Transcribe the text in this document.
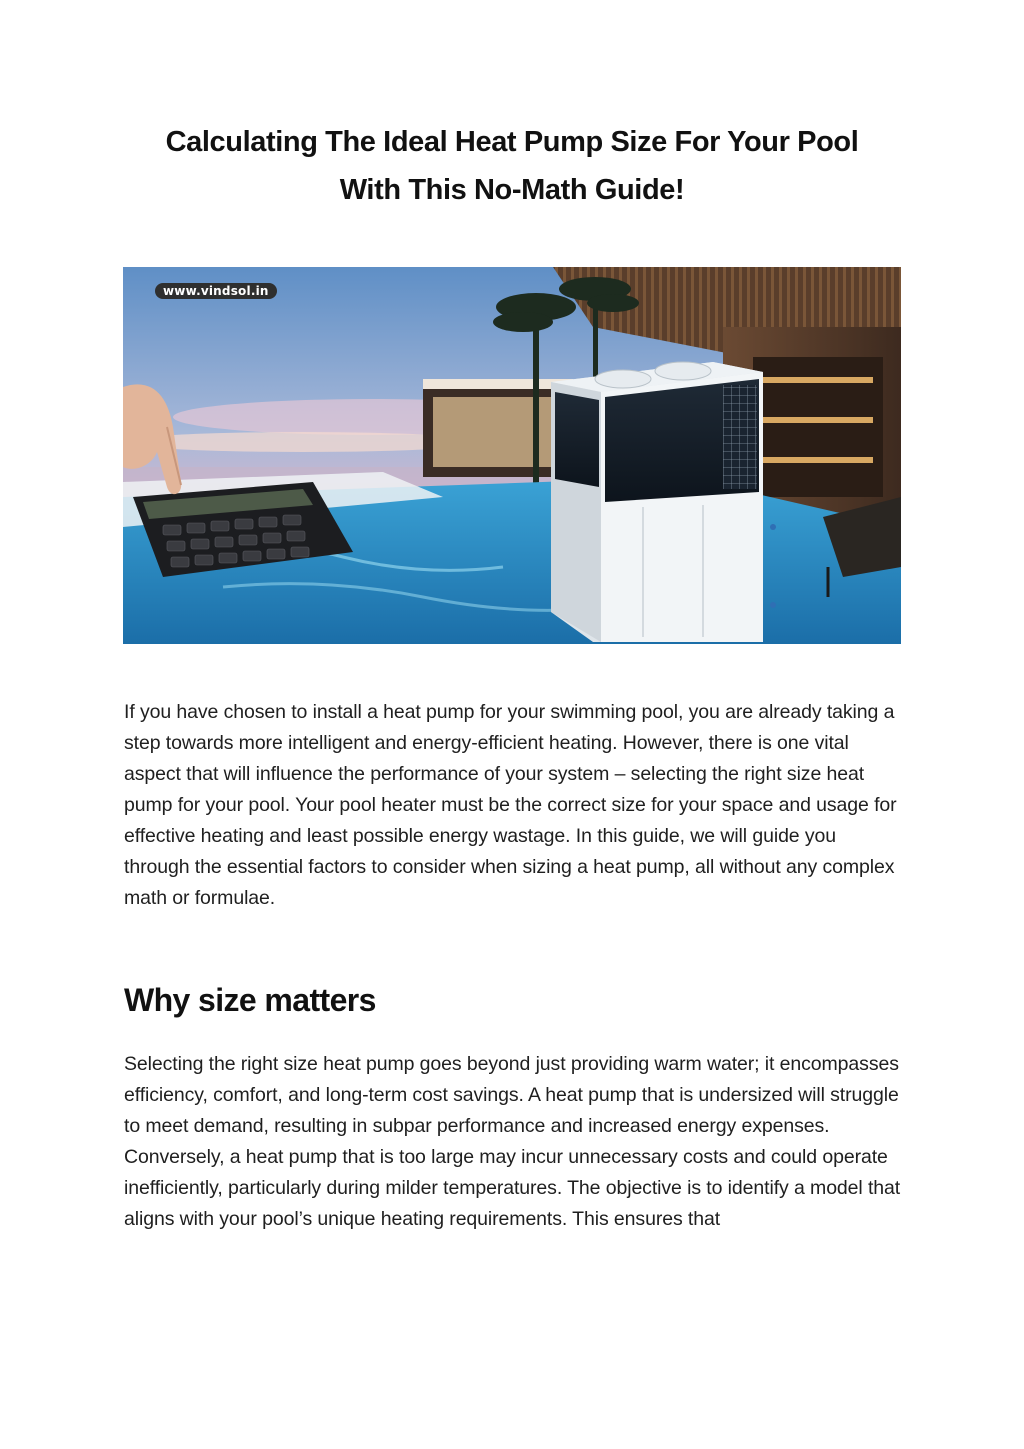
Calculating The Ideal Heat Pump Size For Your Pool
With This No-Math Guide!
www.vindsol.in

If you have chosen to install a heat pump for your swimming pool, you are already taking a step towards more intelligent and energy-efficient heating. However, there is one vital aspect that will influence the performance of your system – selecting the right size heat pump for your pool. Your pool heater must be the correct size for your space and usage for effective heating and least possible energy wastage. In this guide, we will guide you through the essential factors to consider when sizing a heat pump, all without any complex math or formulae.

Why size matters

Selecting the right size heat pump goes beyond just providing warm water; it encompasses efficiency, comfort, and long-term cost savings. A heat pump that is undersized will struggle to meet demand, resulting in subpar performance and increased energy expenses. Conversely, a heat pump that is too large may incur unnecessary costs and could operate inefficiently, particularly during milder temperatures. The objective is to identify a model that aligns with your pool’s unique heating requirements. This ensures that
